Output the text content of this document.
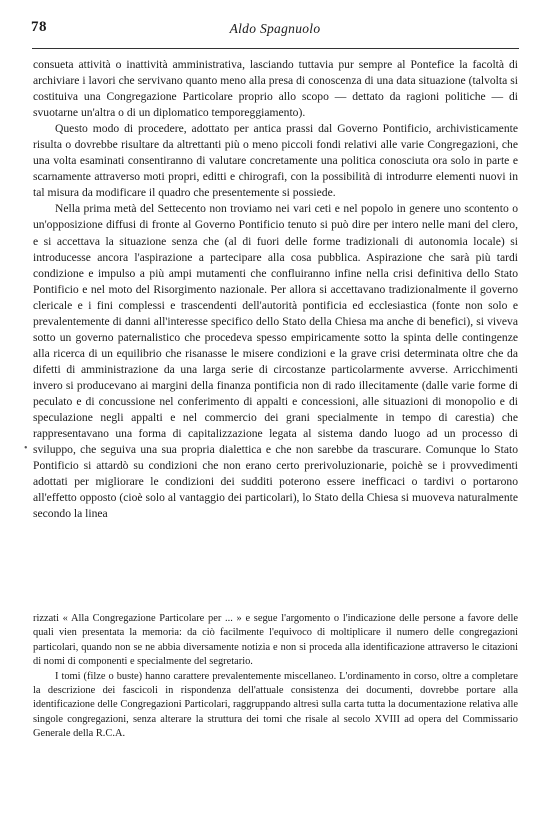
78	Aldo Spagnuolo

consueta attività o inattività amministrativa, lasciando tuttavia pur sempre al Pontefice la facoltà di archiviare i lavori che servivano quanto meno alla presa di conoscenza di una data situazione (talvolta si costituiva una Congregazione Particolare proprio allo scopo — dettato da ragioni politiche — di svuotarne un'altra o di un diplomatico temporeggiamento).

Questo modo di procedere, adottato per antica prassi dal Governo Pontificio, archivisticamente risulta o dovrebbe risultare da altrettanti più o meno piccoli fondi relativi alle varie Congregazioni, che una volta esaminati consentiranno di valutare concretamente una politica conosciuta ora solo in parte e scarnamente attraverso moti propri, editti e chirografi, con la possibilità di introdurre elementi nuovi in tal misura da modificare il quadro che presentemente si possiede.

Nella prima metà del Settecento non troviamo nei vari ceti e nel popolo in genere uno scontento o un'opposizione diffusi di fronte al Governo Pontificio tenuto si può dire per intero nelle mani del clero, e si accettava la situazione senza che (al di fuori delle forme tradizionali di autonomia locale) si introducesse ancora l'aspirazione a partecipare alla cosa pubblica. Aspirazione che sarà più tardi condizione e impulso a più ampi mutamenti che confluiranno infine nella crisi definitiva dello Stato Pontificio e nel moto del Risorgimento nazionale. Per allora si accettavano tradizionalmente il governo clericale e i fini complessi e trascendenti dell'autorità pontificia ed ecclesiastica (fonte non solo e prevalentemente di danni all'interesse specifico dello Stato della Chiesa ma anche di benefici), si viveva sotto un governo paternalistico che procedeva spesso empiricamente sotto la spinta delle contingenze alla ricerca di un equilibrio che risanasse le misere condizioni e la grave crisi determinata oltre che da difetti di amministrazione da una larga serie di circostanze particolarmente avverse. Arricchimenti invero si producevano ai margini della finanza pontificia non di rado illecitamente (dalle varie forme di peculato e di concussione nel conferimento di appalti e concessioni, alle situazioni di monopolio e di speculazione negli appalti e nel commercio dei grani specialmente in tempo di carestia) che rappresentavano una forma di capitalizzazione legata al sistema dando luogo ad un processo di sviluppo, che seguiva una sua propria dialettica e che non sarebbe da trascurare. Comunque lo Stato Pontificio si attardò su condizioni che non erano certo prerivoluzionarie, poichè se i provvedimenti adottati per migliorare le condizioni dei sudditi poterono essere inefficaci o tardivi o portarono all'effetto opposto (cioè solo al vantaggio dei particolari), lo Stato della Chiesa si muoveva naturalmente secondo la linea

•

rizzati « Alla Congregazione Particolare per ... » e segue l'argomento o l'indicazione delle persone a favore delle quali vien presentata la memoria: da ciò facilmente l'equivoco di moltiplicare il numero delle congregazioni particolari, quando non se ne abbia diversamente notizia e non si proceda alla identificazione attraverso le citazioni di nomi di componenti e specialmente del segretario.

I tomi (filze o buste) hanno carattere prevalentemente miscellaneo. L'ordinamento in corso, oltre a completare la descrizione dei fascicoli in rispondenza dell'attuale consistenza dei documenti, dovrebbe portare alla identificazione delle Congregazioni Particolari, raggruppando altresì sulla carta tutta la documentazione relativa alle singole congregazioni, senza alterare la struttura dei tomi che risale al secolo XVIII ad opera del Commissario Generale della R.C.A.
